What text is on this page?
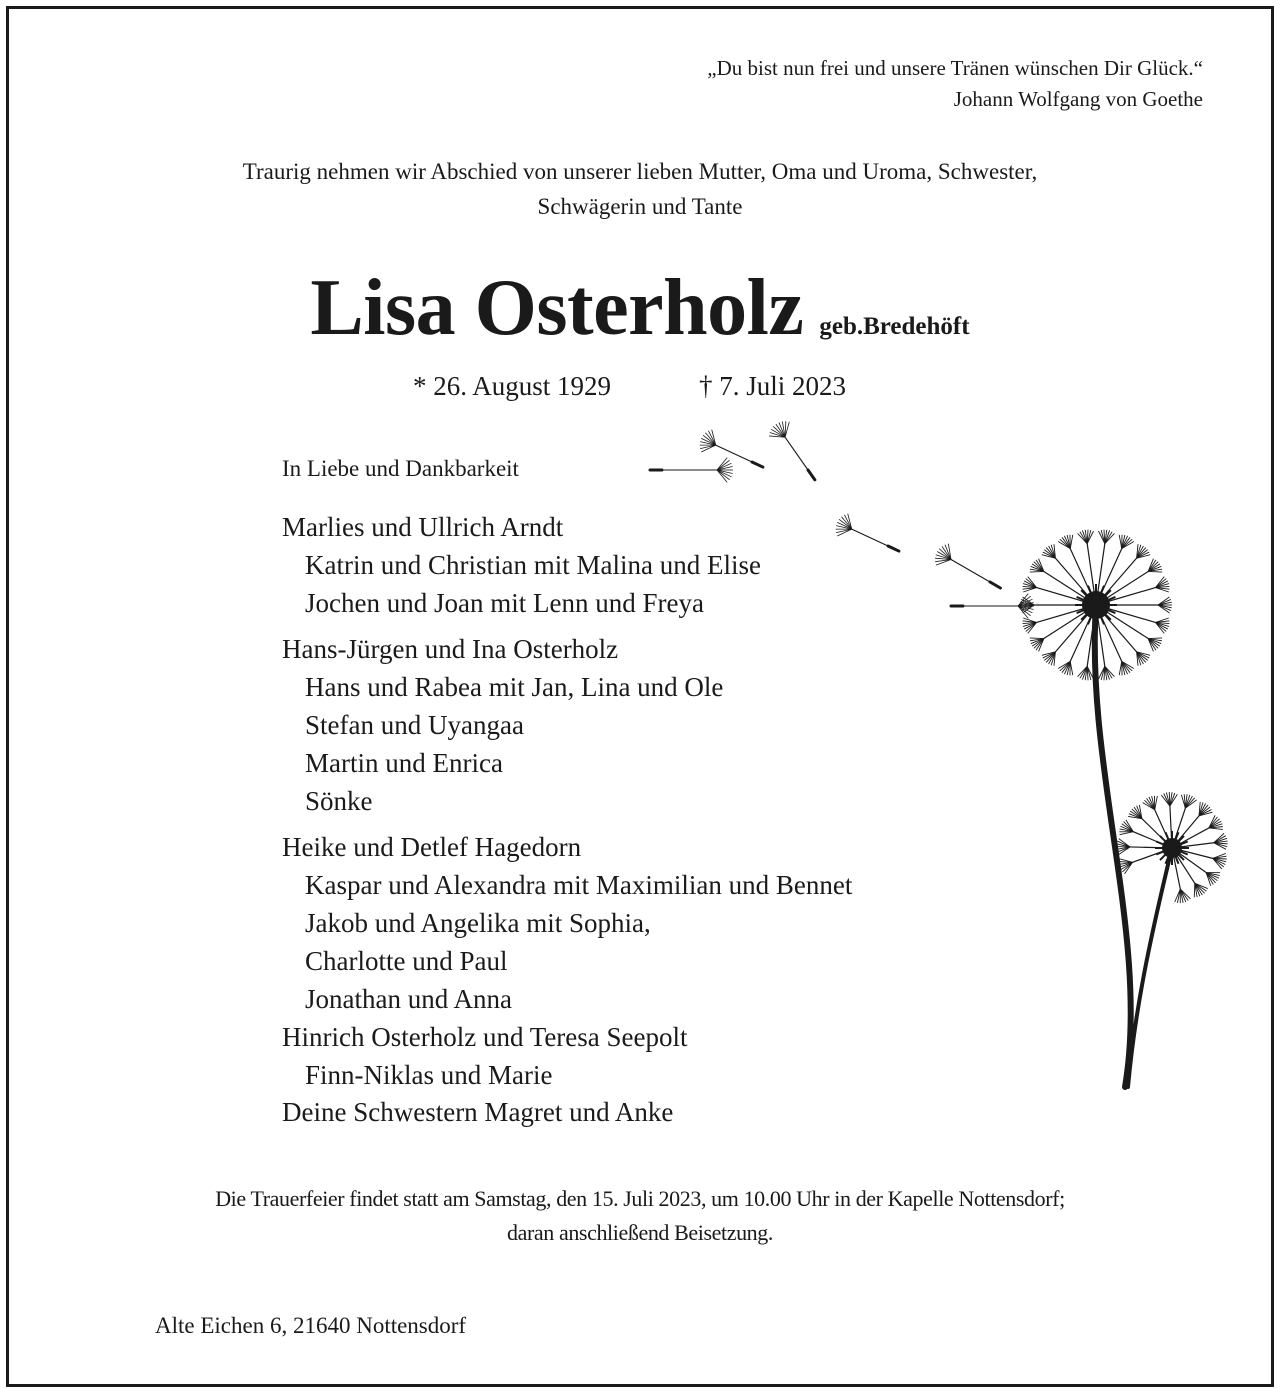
„Du bist nun frei und unsere Tränen wünschen Dir Glück.“
Johann Wolfgang von Goethe
Traurig nehmen wir Abschied von unserer lieben Mutter, Oma und Uroma, Schwester,
Schwägerin und Tante
Lisa Osterholz geb.Bredehöft
* 26. August 1929	† 7. Juli 2023
In Liebe und Dankbarkeit
Marlies und Ullrich Arndt
Katrin und Christian mit Malina und Elise
Jochen und Joan mit Lenn und Freya
Hans-Jürgen und Ina Osterholz
Hans und Rabea mit Jan, Lina und Ole
Stefan und Uyangaa
Martin und Enrica
Sönke
Heike und Detlef Hagedorn
Kaspar und Alexandra mit Maximilian und Bennet
Jakob und Angelika mit Sophia,
Charlotte und Paul
Jonathan und Anna
Hinrich Osterholz und Teresa Seepolt
Finn-Niklas und Marie
Deine Schwestern Magret und Anke
Die Trauerfeier findet statt am Samstag, den 15. Juli 2023, um 10.00 Uhr in der Kapelle Nottensdorf;
daran anschließend Beisetzung.
Alte Eichen 6, 21640 Nottensdorf
